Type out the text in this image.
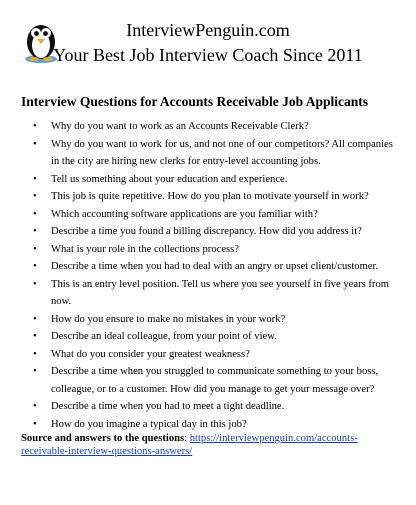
InterviewPenguin.com
Your Best Job Interview Coach Since 2011
Interview Questions for Accounts Receivable Job Applicants
• Why do you want to work as an Accounts Receivable Clerk?
• Why do you want to work for us, and not one of our competitors? All companies in the city are hiring new clerks for entry-level accounting jobs.
• Tell us something about your education and experience.
• This job is quite repetitive. How do you plan to motivate yourself in work?
• Which accounting software applications are you familiar with?
• Describe a time you found a billing discrepancy. How did you address it?
• What is your role in the collections process?
• Describe a time when you had to deal with an angry or upset client/customer.
• This is an entry level position. Tell us where you see yourself in five years from now.
• How do you ensure to make no mistakes in your work?
• Describe an ideal colleague, from your point of view.
• What do you consider your greatest weakness?
• Describe a time when you struggled to communicate something to your boss, colleague, or to a customer. How did you manage to get your message over?
• Describe a time when you had to meet a tight deadline.
• How do you imagine a typical day in this job?
Source and answers to the questions: https://interviewpenguin.com/accounts-receivable-interview-questions-answers/
